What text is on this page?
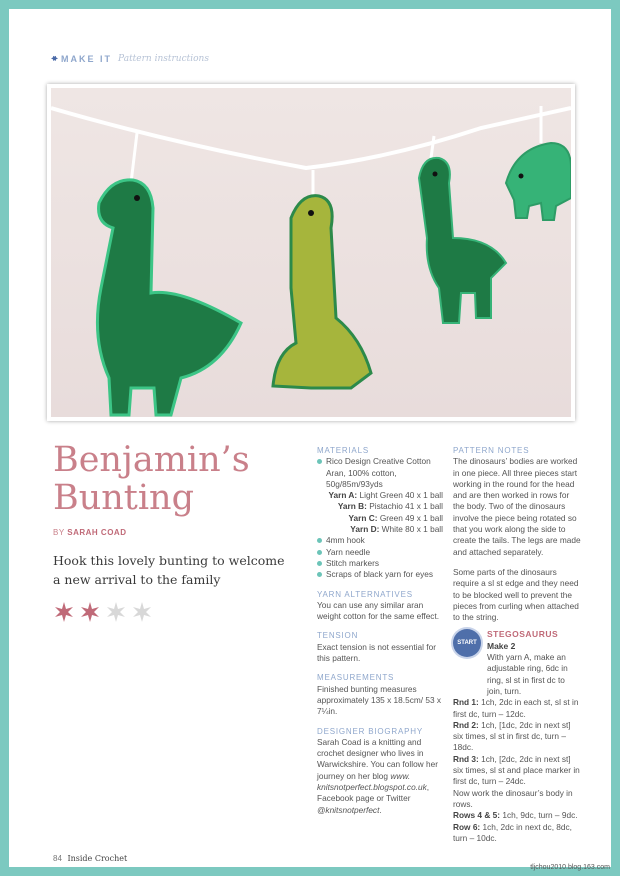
◂▸ MAKE IT Pattern instructions
Benjamin’s
Bunting
BY SARAH COAD
Hook this lovely bunting to welcome a new arrival to the family
MATERIALS
Rico Design Creative Cotton Aran, 100% cotton, 50g/85m/93yds
Yarn A: Light Green 40 x 1 ball
Yarn B: Pistachio 41 x 1 ball
Yarn C: Green 49 x 1 ball
Yarn D: White 80 x 1 ball
4mm hook
Yarn needle
Stitch markers
Scraps of black yarn for eyes
YARN ALTERNATIVES

You can use any similar aran weight cotton for the same effect.

TENSION

Exact tension is not essential for this pattern.

MEASUREMENTS

Finished bunting measures approximately 135 x 18.5cm/ 53 x 7¼in.

DESIGNER BIOGRAPHY

Sarah Coad is a knitting and crochet designer who lives in Warwickshire. You can follow her journey on her blog www. knitsnotperfect.blogspot.co.uk, Facebook page or Twitter @knitsnotperfect.

PATTERN NOTES

The dinosaurs’ bodies are worked in one piece. All three pieces start working in the round for the head and are then worked in rows for the body. Two of the dinosaurs involve the piece being rotated so that you work along the side to create the tails. The legs are made and attached separately.

Some parts of the dinosaurs require a sl st edge and they need to be blocked well to prevent the pieces from curling when attached to the string.

START
STEGOSAURUS
Make 2

With yarn A, make an adjustable ring, 6dc in ring, sl st in first dc to join, turn.

Rnd 1: 1ch, 2dc in each st, sl st in first dc, turn – 12dc.

Rnd 2: 1ch, [1dc, 2dc in next st] six times, sl st in first dc, turn – 18dc.

Rnd 3: 1ch, [2dc, 2dc in next st] six times, sl st and place marker in first dc, turn – 24dc.

Now work the dinosaur’s body in rows.

Rows 4 & 5: 1ch, 9dc, turn – 9dc.

Row 6: 1ch, 2dc in next dc, 8dc, turn – 10dc.

84 Inside Crochet
tljchou2010.blog.163.com
